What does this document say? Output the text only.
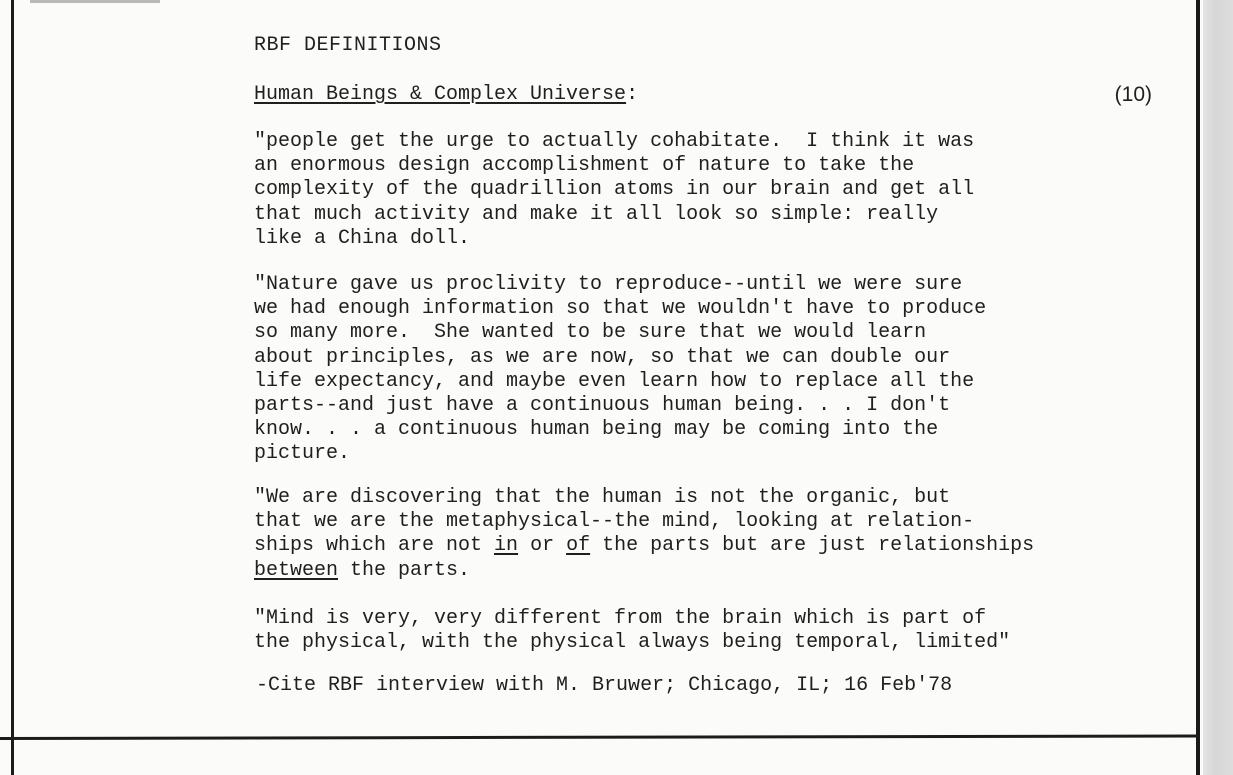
RBF DEFINITIONS
Human Beings & Complex Universe:	(10)
"people get the urge to actually cohabitate.  I think it was
an enormous design accomplishment of nature to take the
complexity of the quadrillion atoms in our brain and get all
that much activity and make it all look so simple: really
like a China doll.
"Nature gave us proclivity to reproduce--until we were sure
we had enough information so that we wouldn't have to produce
so many more.  She wanted to be sure that we would learn
about principles, as we are now, so that we can double our
life expectancy, and maybe even learn how to replace all the
parts--and just have a continuous human being. . . I don't
know. . . a continuous human being may be coming into the
picture.
"We are discovering that the human is not the organic, but
that we are the metaphysical--the mind, looking at relation-
ships which are not in or of the parts but are just relationships
between the parts.
"Mind is very, very different from the brain which is part of
the physical, with the physical always being temporal, limited"
-Cite RBF interview with M. Bruwer; Chicago, IL; 16 Feb'78
